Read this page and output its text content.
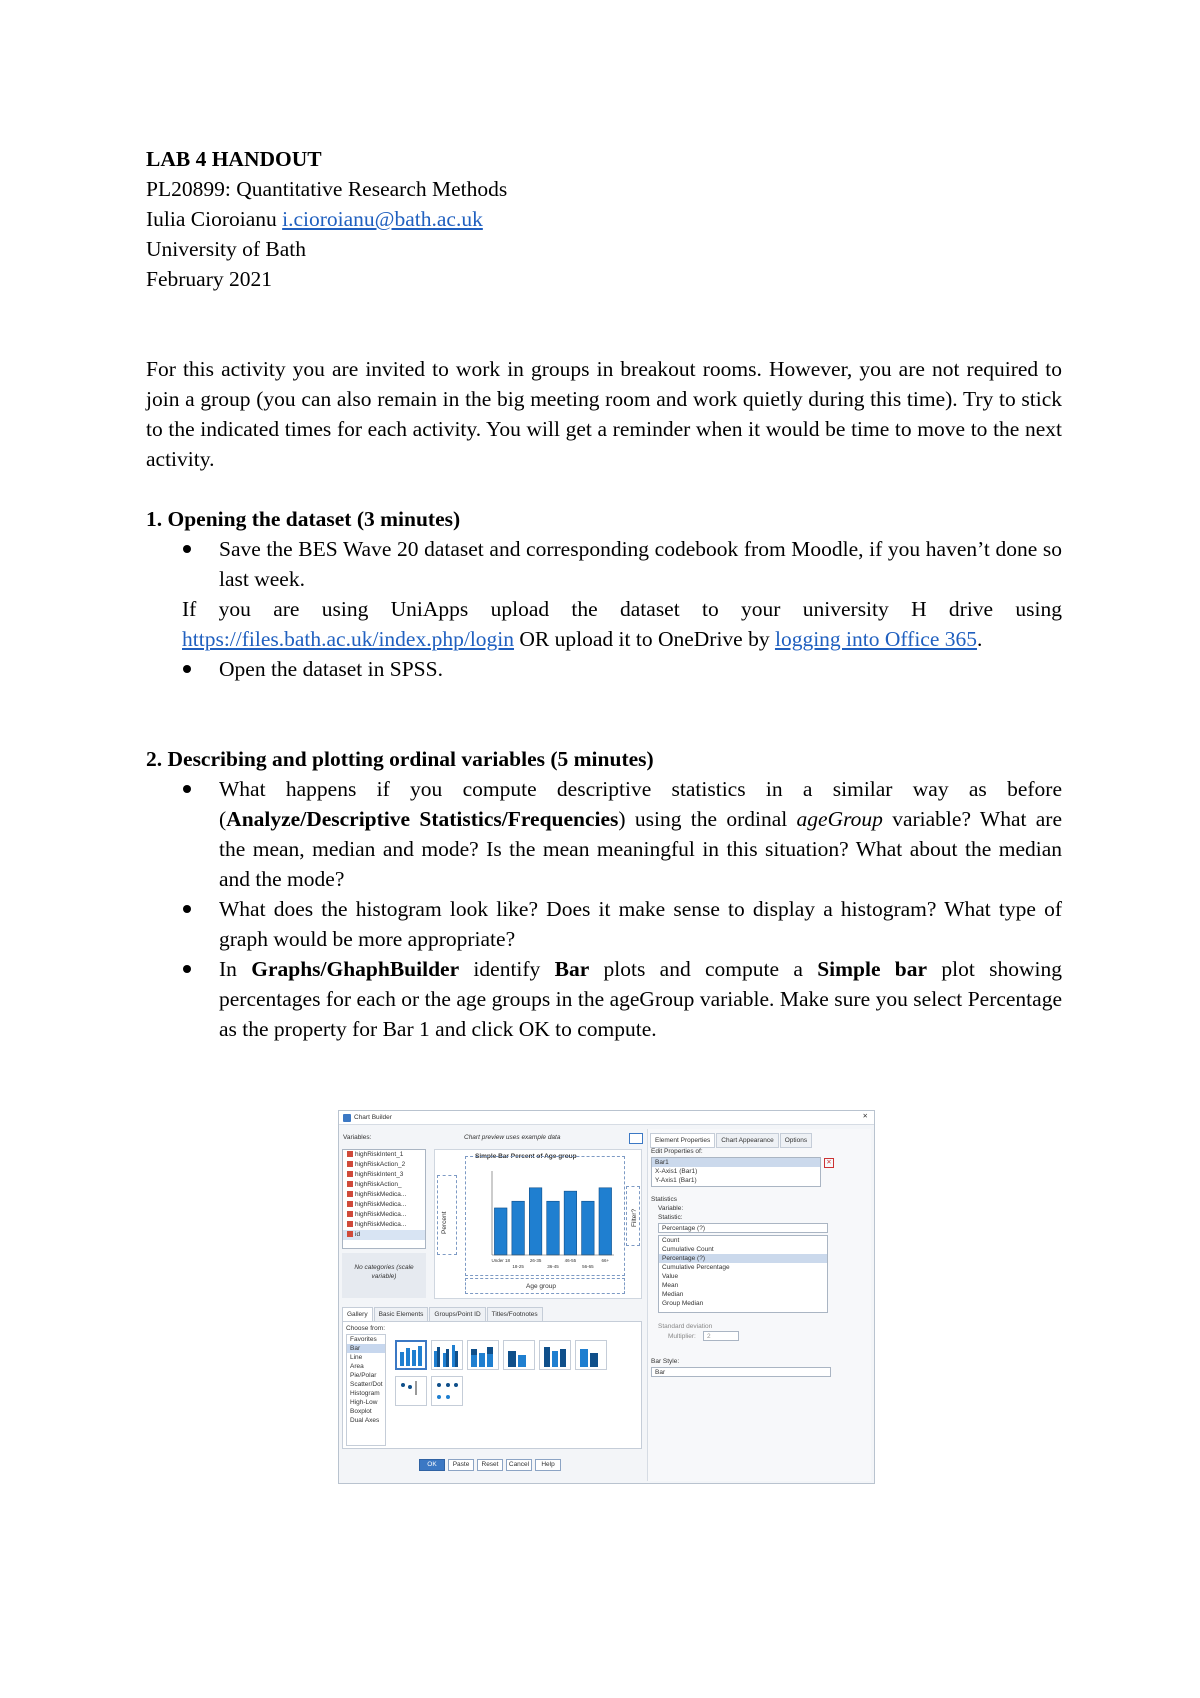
LAB 4 HANDOUT
PL20899: Quantitative Research Methods
Iulia Cioroianu i.cioroianu@bath.ac.uk
University of Bath
February 2021
For this activity you are invited to work in groups in breakout rooms. However, you are not required to join a group (you can also remain in the big meeting room and work quietly during this time). Try to stick to the indicated times for each activity. You will get a reminder when it would be time to move to the next activity.
1. Opening the dataset (3 minutes)
Save the BES Wave 20 dataset and corresponding codebook from Moodle, if you haven’t done so last week.
If you are using UniApps upload the dataset to your university H drive using https://files.bath.ac.uk/index.php/login OR upload it to OneDrive by logging into Office 365.
Open the dataset in SPSS.
2. Describing and plotting ordinal variables (5 minutes)
What happens if you compute descriptive statistics in a similar way as before (Analyze/Descriptive Statistics/Frequencies) using the ordinal ageGroup variable? What are the mean, median and mode? Is the mean meaningful in this situation? What about the median and the mode?
What does the histogram look like? Does it make sense to display a histogram? What type of graph would be more appropriate?
In Graphs/GhaphBuilder identify Bar plots and compute a Simple bar plot showing percentages for each or the age groups in the ageGroup variable. Make sure you select Percentage as the property for Bar 1 and click OK to compute.
Chart Builder	✕
Variables:	Chart preview uses example data
highRiskIntent_1
highRiskAction_2
highRiskIntent_3
highRiskAction_
highRiskMedica...
highRiskMedica...
highRiskMedica...
highRiskMedica...
id
No categories (scale variable)
Simple Bar Percent of Age group
Percent
Under 18
18-25
26-35
36-45
46-55
56-65
66+
Age group
Filter?
Gallery Basic Elements Groups/Point ID Titles/Footnotes
Choose from:
Favorites
Bar
Line
Area
Pie/Polar
Scatter/Dot
Histogram
High-Low
Boxplot
Dual Axes
OK Paste Reset Cancel Help
Element Properties Chart Appearance Options
Edit Properties of:
Bar1
X-Axis1 (Bar1)
Y-Axis1 (Bar1)
✕
Statistics
Variable:
Statistic:
Percentage (?)
Count
Cumulative Count
Percentage (?)
Cumulative Percentage
Value
Mean
Median
Group Median
Standard deviation
Multiplier:	2
Bar Style:
Bar
